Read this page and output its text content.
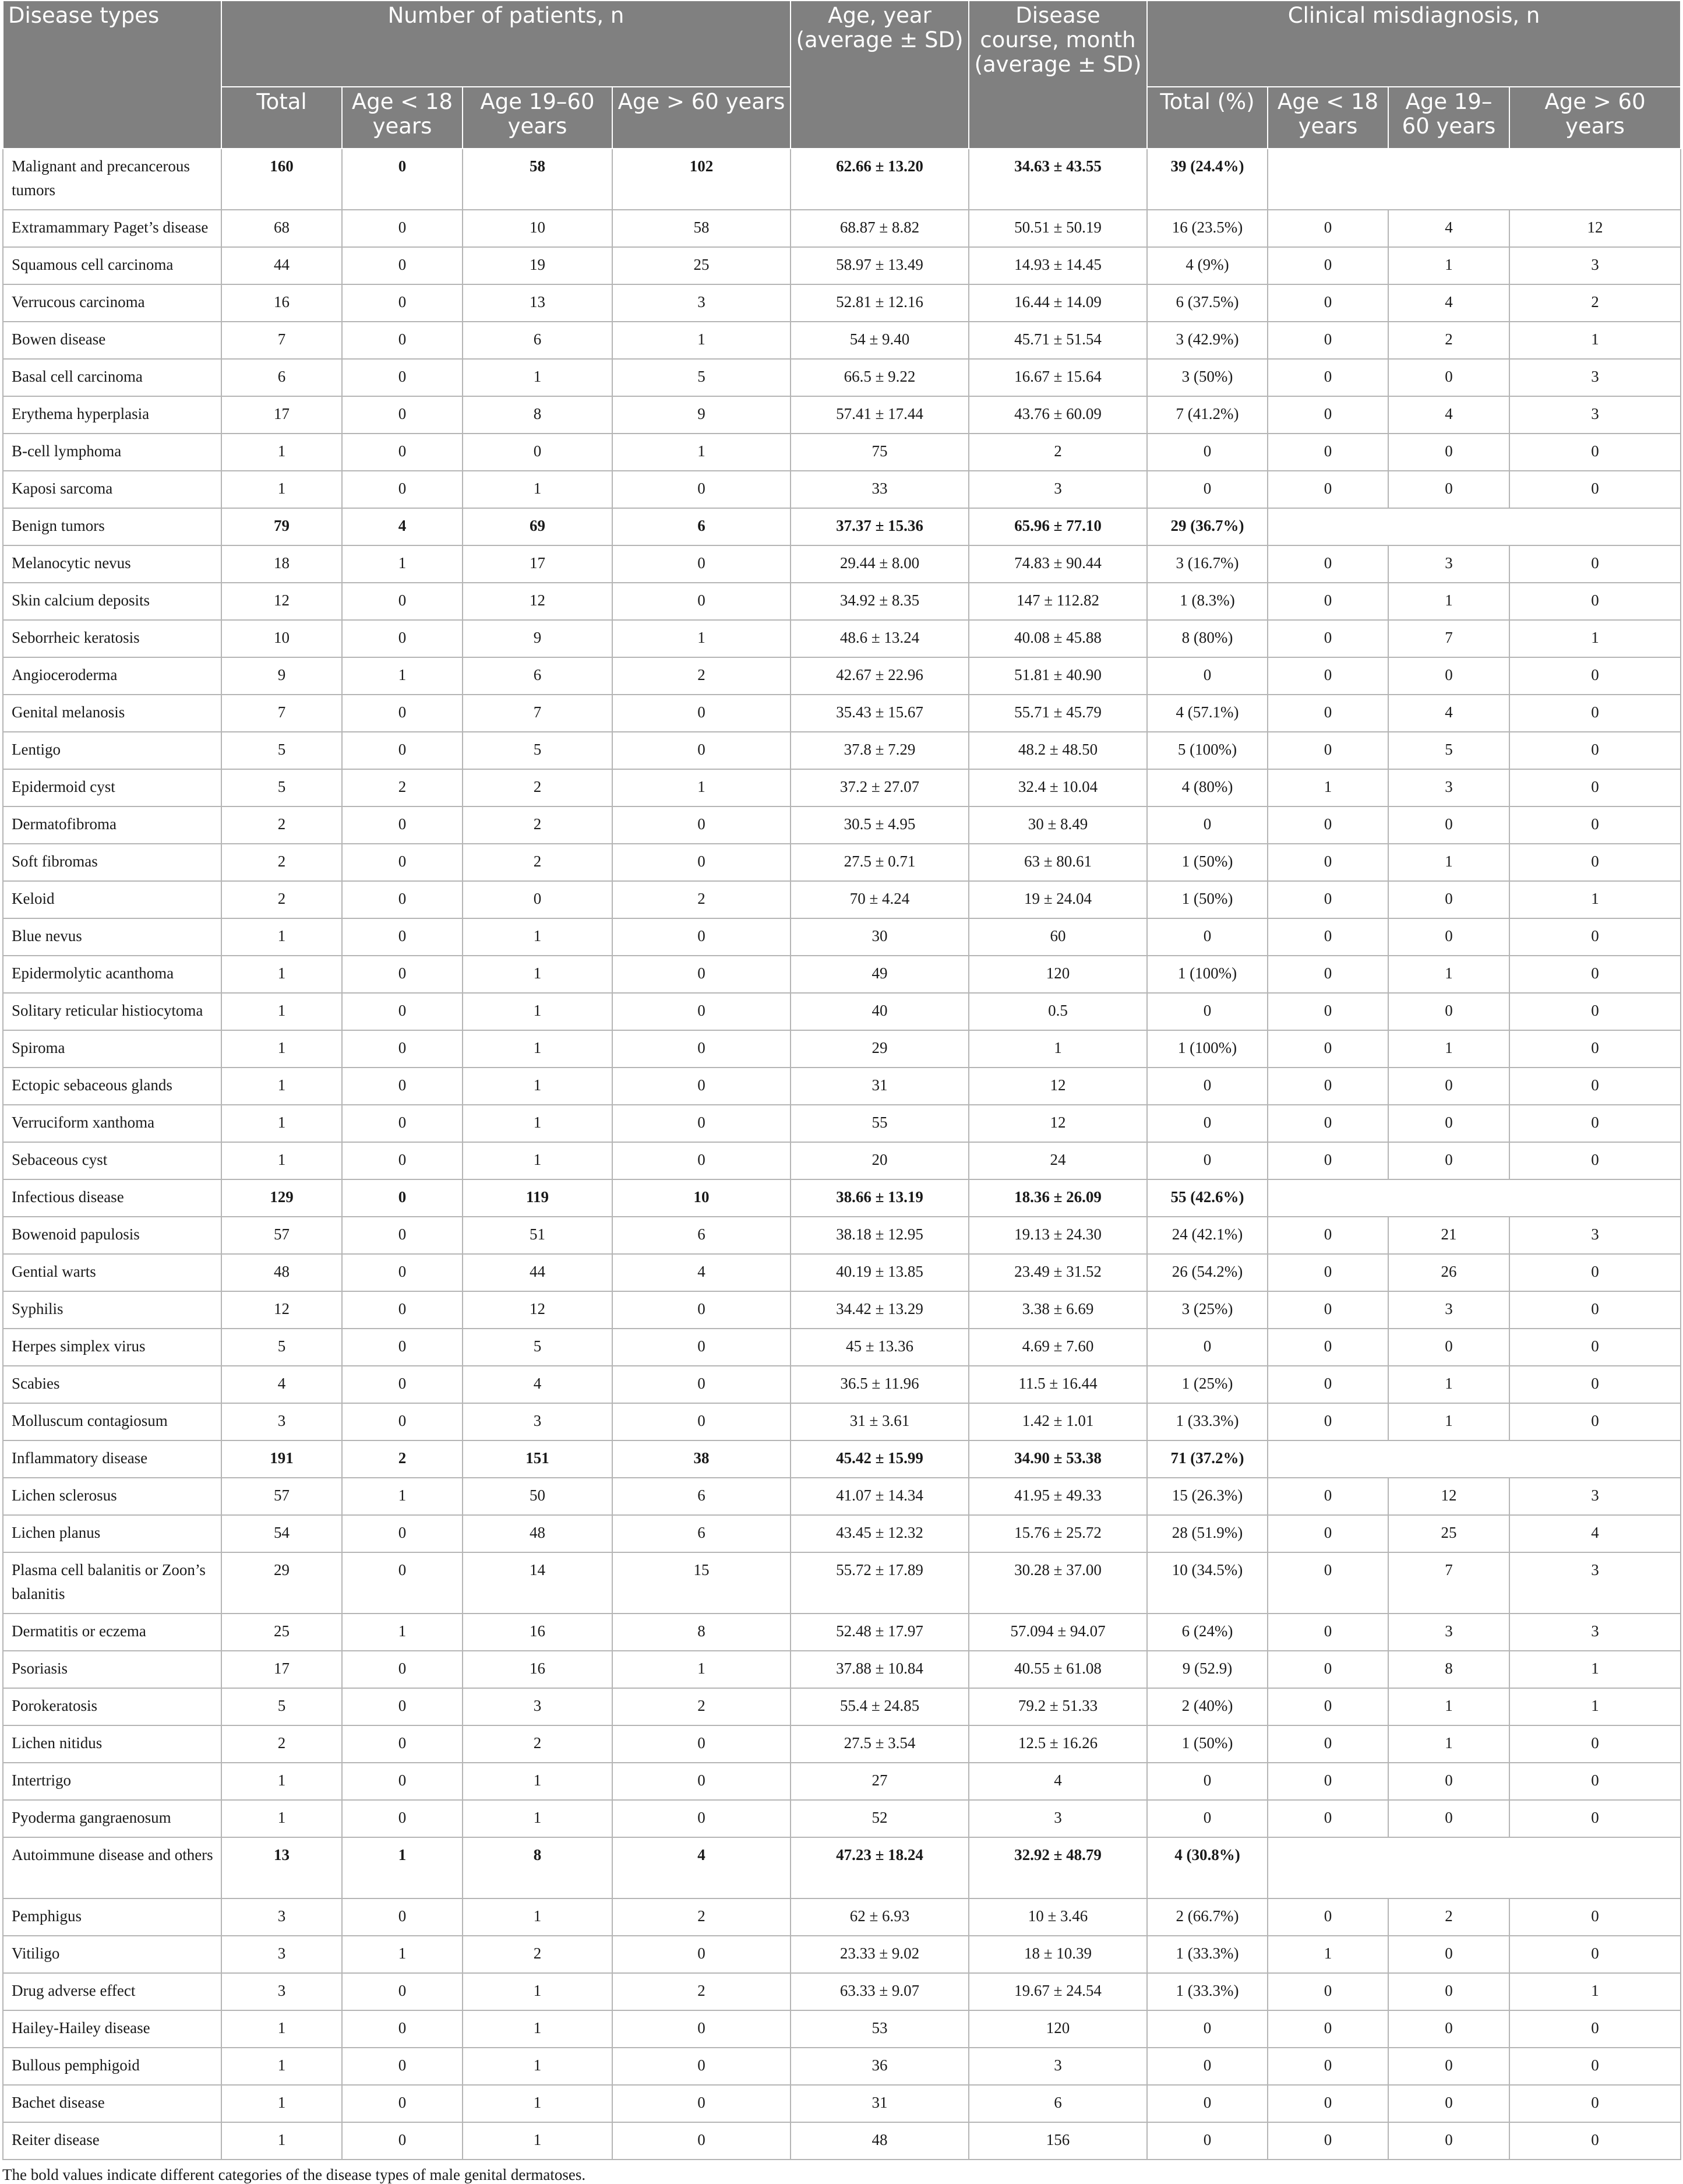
Disease types	Number of patients, n				Age, year (average ± SD)	Disease course, month (average ± SD)	Clinical misdiagnosis, n			
	Total	Age < 18 years	Age 19–60 years	Age > 60 years			Total (%)	Age < 18 years	Age 19–60 years	Age > 60 years
Malignant and precancerous tumors	160	0	58	102	62.66 ± 13.20	34.63 ± 43.55	39 (24.4%)			
Extramammary Paget’s disease	68	0	10	58	68.87 ± 8.82	50.51 ± 50.19	16 (23.5%)	0	4	12
Squamous cell carcinoma	44	0	19	25	58.97 ± 13.49	14.93 ± 14.45	4 (9%)	0	1	3
Verrucous carcinoma	16	0	13	3	52.81 ± 12.16	16.44 ± 14.09	6 (37.5%)	0	4	2
Bowen disease	7	0	6	1	54 ± 9.40	45.71 ± 51.54	3 (42.9%)	0	2	1
Basal cell carcinoma	6	0	1	5	66.5 ± 9.22	16.67 ± 15.64	3 (50%)	0	0	3
Erythema hyperplasia	17	0	8	9	57.41 ± 17.44	43.76 ± 60.09	7 (41.2%)	0	4	3
B-cell lymphoma	1	0	0	1	75	2	0	0	0	0
Kaposi sarcoma	1	0	1	0	33	3	0	0	0	0
Benign tumors	79	4	69	6	37.37 ± 15.36	65.96 ± 77.10	29 (36.7%)			
Melanocytic nevus	18	1	17	0	29.44 ± 8.00	74.83 ± 90.44	3 (16.7%)	0	3	0
Skin calcium deposits	12	0	12	0	34.92 ± 8.35	147 ± 112.82	1 (8.3%)	0	1	0
Seborrheic keratosis	10	0	9	1	48.6 ± 13.24	40.08 ± 45.88	8 (80%)	0	7	1
Angioceroderma	9	1	6	2	42.67 ± 22.96	51.81 ± 40.90	0	0	0	0
Genital melanosis	7	0	7	0	35.43 ± 15.67	55.71 ± 45.79	4 (57.1%)	0	4	0
Lentigo	5	0	5	0	37.8 ± 7.29	48.2 ± 48.50	5 (100%)	0	5	0
Epidermoid cyst	5	2	2	1	37.2 ± 27.07	32.4 ± 10.04	4 (80%)	1	3	0
Dermatofibroma	2	0	2	0	30.5 ± 4.95	30 ± 8.49	0	0	0	0
Soft fibromas	2	0	2	0	27.5 ± 0.71	63 ± 80.61	1 (50%)	0	1	0
Keloid	2	0	0	2	70 ± 4.24	19 ± 24.04	1 (50%)	0	0	1
Blue nevus	1	0	1	0	30	60	0	0	0	0
Epidermolytic acanthoma	1	0	1	0	49	120	1 (100%)	0	1	0
Solitary reticular histiocytoma	1	0	1	0	40	0.5	0	0	0	0
Spiroma	1	0	1	0	29	1	1 (100%)	0	1	0
Ectopic sebaceous glands	1	0	1	0	31	12	0	0	0	0
Verruciform xanthoma	1	0	1	0	55	12	0	0	0	0
Sebaceous cyst	1	0	1	0	20	24	0	0	0	0
Infectious disease	129	0	119	10	38.66 ± 13.19	18.36 ± 26.09	55 (42.6%)			
Bowenoid papulosis	57	0	51	6	38.18 ± 12.95	19.13 ± 24.30	24 (42.1%)	0	21	3
Gential warts	48	0	44	4	40.19 ± 13.85	23.49 ± 31.52	26 (54.2%)	0	26	0
Syphilis	12	0	12	0	34.42 ± 13.29	3.38 ± 6.69	3 (25%)	0	3	0
Herpes simplex virus	5	0	5	0	45 ± 13.36	4.69 ± 7.60	0	0	0	0
Scabies	4	0	4	0	36.5 ± 11.96	11.5 ± 16.44	1 (25%)	0	1	0
Molluscum contagiosum	3	0	3	0	31 ± 3.61	1.42 ± 1.01	1 (33.3%)	0	1	0
Inflammatory disease	191	2	151	38	45.42 ± 15.99	34.90 ± 53.38	71 (37.2%)			
Lichen sclerosus	57	1	50	6	41.07 ± 14.34	41.95 ± 49.33	15 (26.3%)	0	12	3
Lichen planus	54	0	48	6	43.45 ± 12.32	15.76 ± 25.72	28 (51.9%)	0	25	4
Plasma cell balanitis or Zoon’s balanitis	29	0	14	15	55.72 ± 17.89	30.28 ± 37.00	10 (34.5%)	0	7	3
Dermatitis or eczema	25	1	16	8	52.48 ± 17.97	57.094 ± 94.07	6 (24%)	0	3	3
Psoriasis	17	0	16	1	37.88 ± 10.84	40.55 ± 61.08	9 (52.9)	0	8	1
Porokeratosis	5	0	3	2	55.4 ± 24.85	79.2 ± 51.33	2 (40%)	0	1	1
Lichen nitidus	2	0	2	0	27.5 ± 3.54	12.5 ± 16.26	1 (50%)	0	1	0
Intertrigo	1	0	1	0	27	4	0	0	0	0
Pyoderma gangraenosum	1	0	1	0	52	3	0	0	0	0
Autoimmune disease and others	13	1	8	4	47.23 ± 18.24	32.92 ± 48.79	4 (30.8%)			
Pemphigus	3	0	1	2	62 ± 6.93	10 ± 3.46	2 (66.7%)	0	2	0
Vitiligo	3	1	2	0	23.33 ± 9.02	18 ± 10.39	1 (33.3%)	1	0	0
Drug adverse effect	3	0	1	2	63.33 ± 9.07	19.67 ± 24.54	1 (33.3%)	0	0	1
Hailey-Hailey disease	1	0	1	0	53	120	0	0	0	0
Bullous pemphigoid	1	0	1	0	36	3	0	0	0	0
Bachet disease	1	0	1	0	31	6	0	0	0	0
Reiter disease	1	0	1	0	48	156	0	0	0	0
The bold values indicate different categories of the disease types of male genital dermatoses.
